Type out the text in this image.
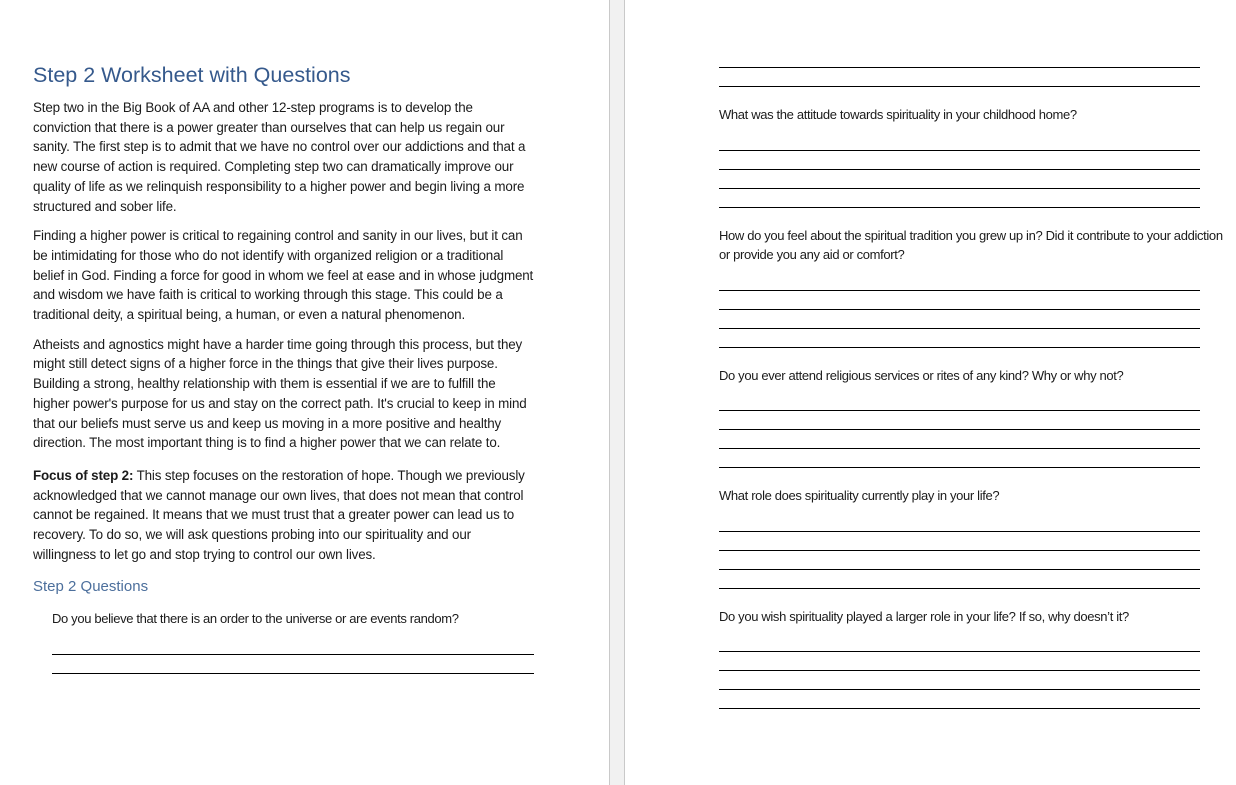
Step 2 Worksheet with Questions

Step two in the Big Book of AA and other 12-step programs is to develop the conviction that there is a power greater than ourselves that can help us regain our sanity. The first step is to admit that we have no control over our addictions and that a new course of action is required. Completing step two can dramatically improve our quality of life as we relinquish responsibility to a higher power and begin living a more structured and sober life.

Finding a higher power is critical to regaining control and sanity in our lives, but it can be intimidating for those who do not identify with organized religion or a traditional belief in God. Finding a force for good in whom we feel at ease and in whose judgment and wisdom we have faith is critical to working through this stage. This could be a traditional deity, a spiritual being, a human, or even a natural phenomenon.

Atheists and agnostics might have a harder time going through this process, but they might still detect signs of a higher force in the things that give their lives purpose. Building a strong, healthy relationship with them is essential if we are to fulfill the higher power's purpose for us and stay on the correct path. It's crucial to keep in mind that our beliefs must serve us and keep us moving in a more positive and healthy direction. The most important thing is to find a higher power that we can relate to.

Focus of step 2: This step focuses on the restoration of hope. Though we previously acknowledged that we cannot manage our own lives, that does not mean that control cannot be regained. It means that we must trust that a greater power can lead us to recovery. To do so, we will ask questions probing into our spirituality and our willingness to let go and stop trying to control our own lives.

Step 2 Questions

Do you believe that there is an order to the universe or are events random?

What was the attitude towards spirituality in your childhood home?

How do you feel about the spiritual tradition you grew up in? Did it contribute to your addiction or provide you any aid or comfort?

Do you ever attend religious services or rites of any kind? Why or why not?

What role does spirituality currently play in your life?

Do you wish spirituality played a larger role in your life? If so, why doesn’t it?
